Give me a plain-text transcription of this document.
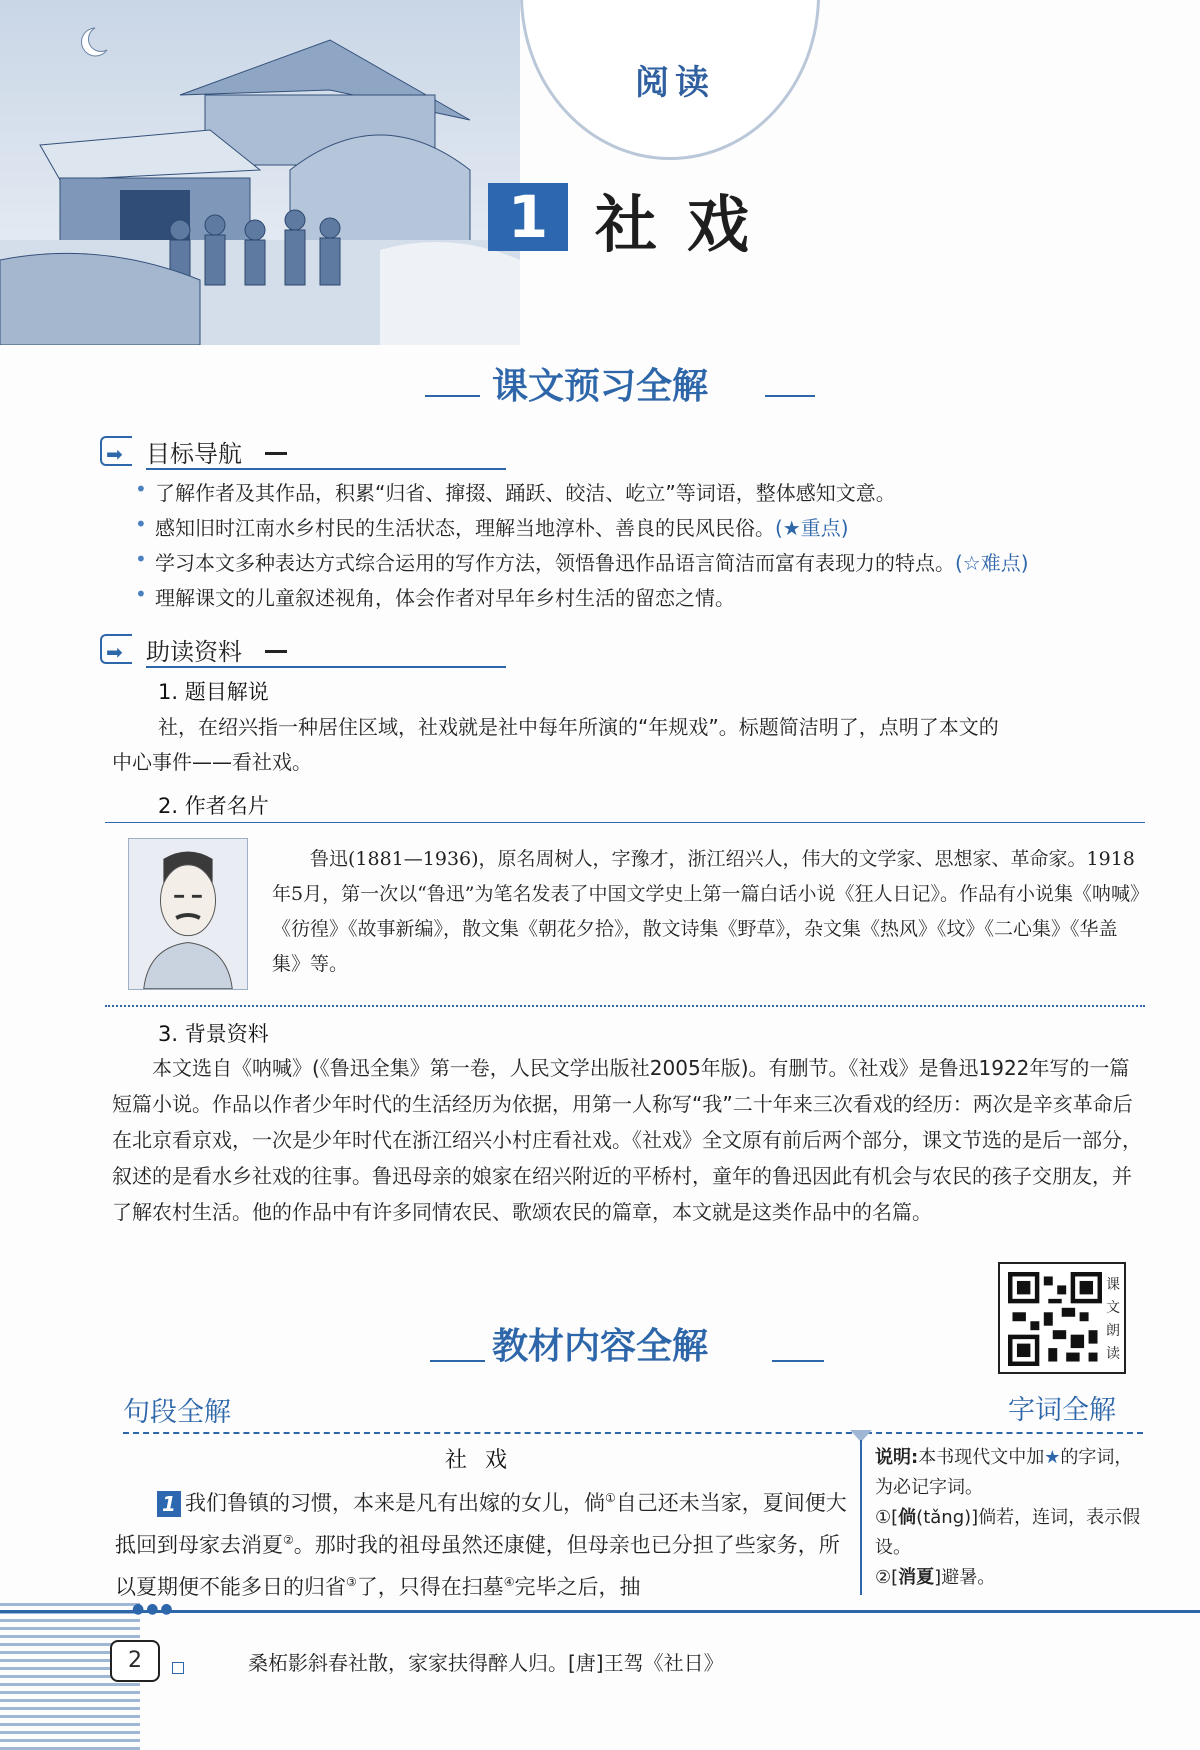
阅读
1 社戏
课文预习全解
➡ 目标导航
• 了解作者及其作品，积累“归省、撺掇、踊跃、皎洁、屹立”等词语，整体感知文意。
• 感知旧时江南水乡村民的生活状态，理解当地淳朴、善良的民风民俗。(★重点)
• 学习本文多种表达方式综合运用的写作方法，领悟鲁迅作品语言简洁而富有表现力的特点。(☆难点)
• 理解课文的儿童叙述视角，体会作者对早年乡村生活的留恋之情。
➡ 助读资料
1. 题目解说
社，在绍兴指一种居住区域，社戏就是社中每年所演的“年规戏”。标题简洁明了，点明了本文的
中心事件——看社戏。
2. 作者名片
鲁迅(1881—1936)，原名周树人，字豫才，浙江绍兴人，伟大的文学家、思想家、革命家。1918年5月，第一次以“鲁迅”为笔名发表了中国文学史上第一篇白话小说《狂人日记》。作品有小说集《呐喊》《彷徨》《故事新编》，散文集《朝花夕拾》，散文诗集《野草》，杂文集《热风》《坟》《二心集》《华盖集》等。
3. 背景资料
本文选自《呐喊》(《鲁迅全集》第一卷，人民文学出版社2005年版)。有删节。《社戏》是鲁迅1922年写的一篇短篇小说。作品以作者少年时代的生活经历为依据，用第一人称写“我”二十年来三次看戏的经历：两次是辛亥革命后在北京看京戏，一次是少年时代在浙江绍兴小村庄看社戏。《社戏》全文原有前后两个部分，课文节选的是后一部分，叙述的是看水乡社戏的往事。鲁迅母亲的娘家在绍兴附近的平桥村，童年的鲁迅因此有机会与农民的孩子交朋友，并了解农村生活。他的作品中有许多同情农民、歌颂农民的篇章，本文就是这类作品中的名篇。
课文朗读
教材内容全解
句段全解	字词全解
社戏
1 我们鲁镇的习惯，本来是凡有出嫁的女儿，倘①自己还未当家，夏间便大抵回到母家去消夏②。那时我的祖母虽然还康健，但母亲也已分担了些家务，所以夏期便不能多日的归省③了，只得在扫墓④完毕之后，抽
说明:本书现代文中加★的字词，为必记字词。
①[倘(tǎng)]倘若，连词，表示假设。
②[消夏]避暑。
●●●
2	桑柘影斜春社散，家家扶得醉人归。[唐]王驾《社日》
